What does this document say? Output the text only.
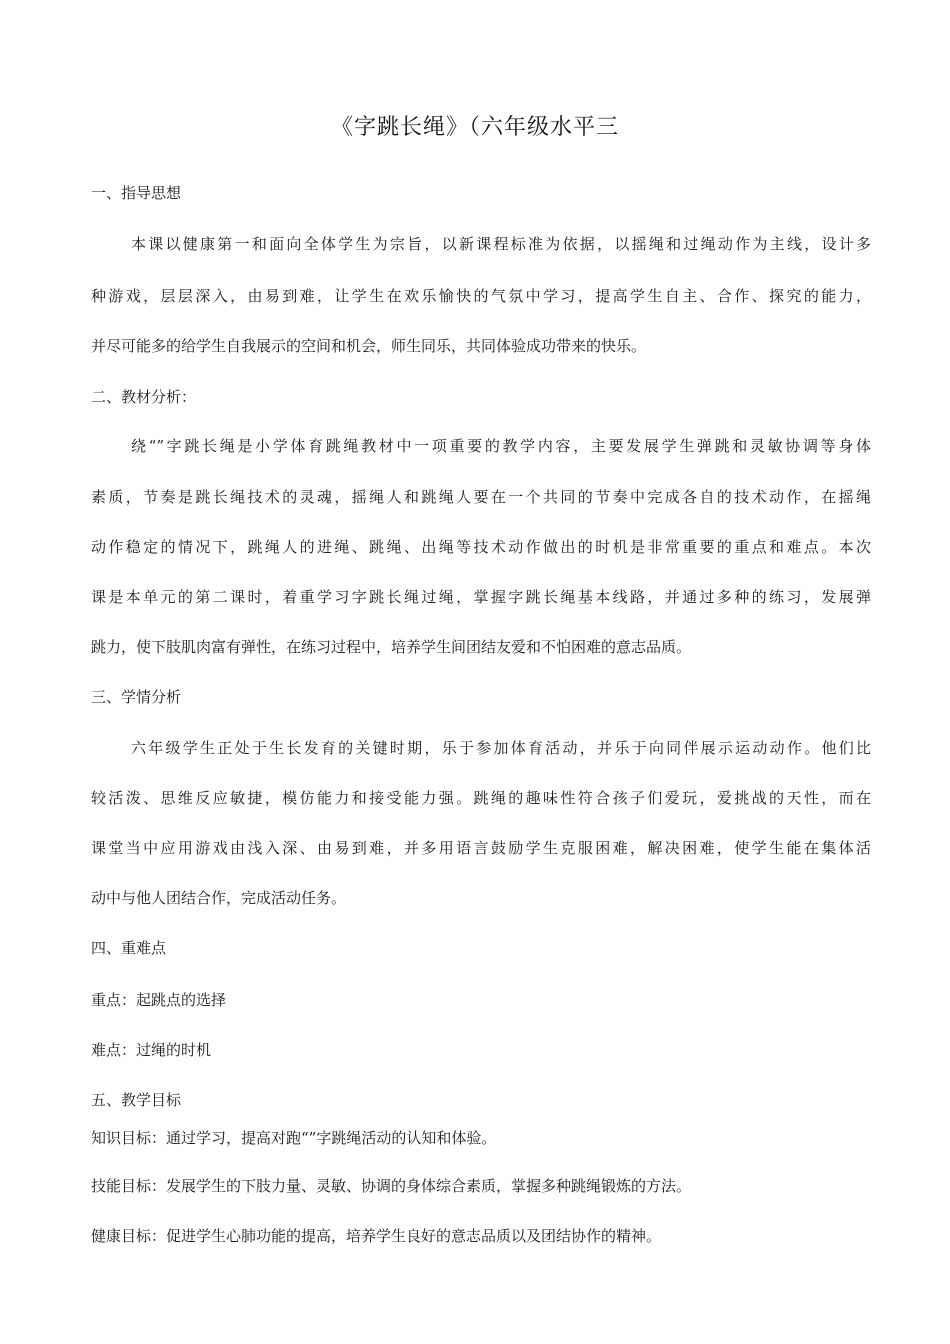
《字跳长绳》（六年级水平三
一、指导思想
本课以健康第一和面向全体学生为宗旨，以新课程标准为依据，以摇绳和过绳动作为主线，设计多
种游戏，层层深入，由易到难，让学生在欢乐愉快的气氛中学习，提高学生自主、合作、探究的能力，
并尽可能多的给学生自我展示的空间和机会，师生同乐，共同体验成功带来的快乐。
二、教材分析：
绕“”字跳长绳是小学体育跳绳教材中一项重要的教学内容，主要发展学生弹跳和灵敏协调等身体
素质，节奏是跳长绳技术的灵魂，摇绳人和跳绳人要在一个共同的节奏中完成各自的技术动作，在摇绳
动作稳定的情况下，跳绳人的进绳、跳绳、出绳等技术动作做出的时机是非常重要的重点和难点。本次
课是本单元的第二课时，着重学习字跳长绳过绳，掌握字跳长绳基本线路，并通过多种的练习，发展弹
跳力，使下肢肌肉富有弹性，在练习过程中，培养学生间团结友爱和不怕困难的意志品质。
三、学情分析
六年级学生正处于生长发育的关键时期，乐于参加体育活动，并乐于向同伴展示运动动作。他们比
较活泼、思维反应敏捷，模仿能力和接受能力强。跳绳的趣味性符合孩子们爱玩，爱挑战的天性，而在
课堂当中应用游戏由浅入深、由易到难，并多用语言鼓励学生克服困难，解决困难，使学生能在集体活
动中与他人团结合作，完成活动任务。
四、重难点
重点：起跳点的选择
难点：过绳的时机
五、教学目标
知识目标：通过学习，提高对跑“”字跳绳活动的认知和体验。
技能目标：发展学生的下肢力量、灵敏、协调的身体综合素质，掌握多种跳绳锻炼的方法。
健康目标：促进学生心肺功能的提高，培养学生良好的意志品质以及团结协作的精神。
